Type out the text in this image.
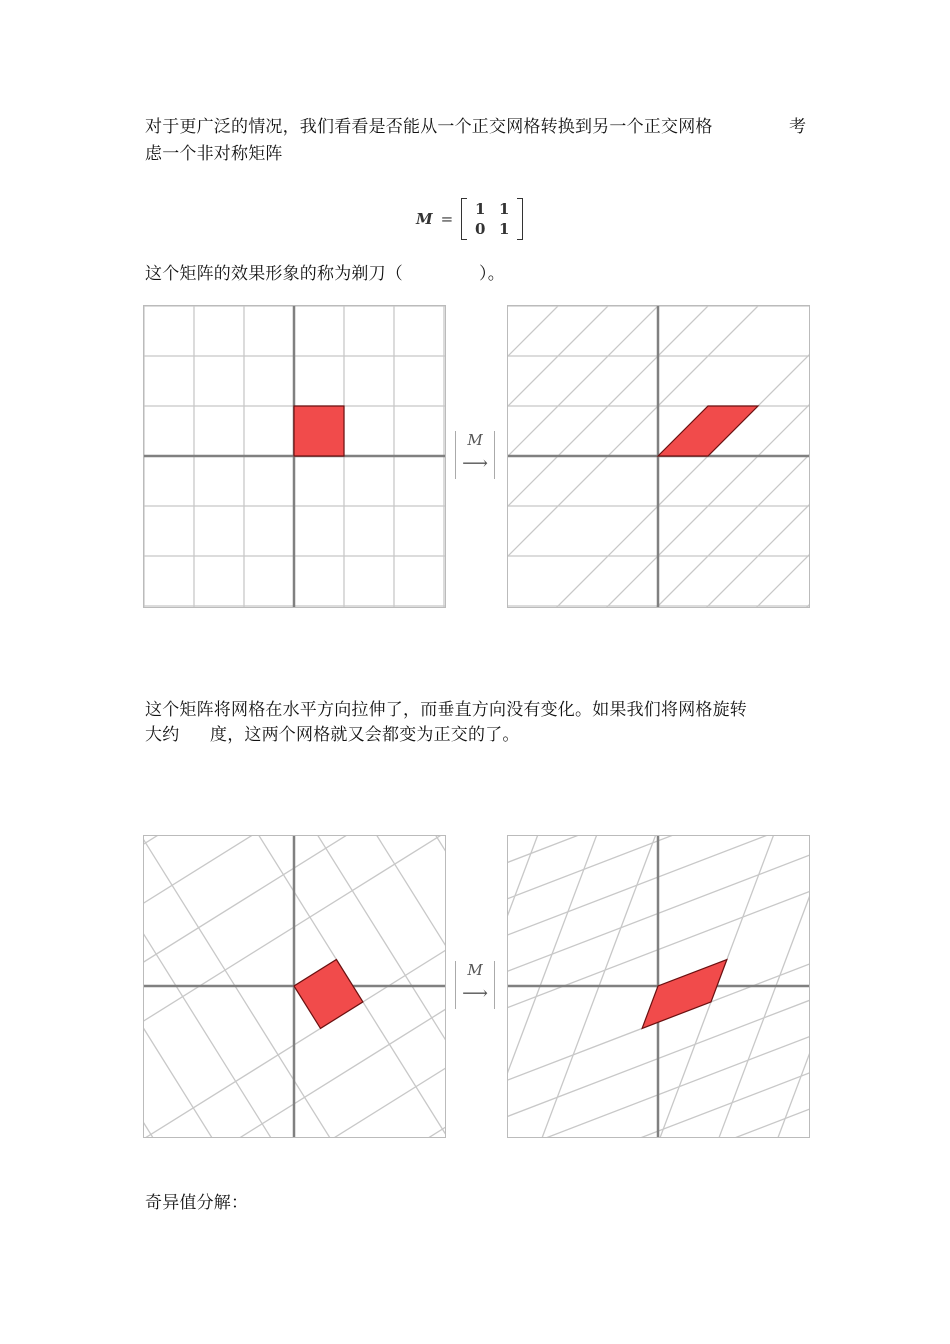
对于更广泛的情况，我们看看是否能从一个正交网格转换到另一个正交网格	考
虑一个非对称矩阵
M =
1 1
0 1
这个矩阵的效果形象的称为剃刀（	）。
M
⟶
这个矩阵将网格在水平方向拉伸了，而垂直方向没有变化。如果我们将网格旋转
大约 度，这两个网格就又会都变为正交的了。
M
⟶
奇异值分解：
